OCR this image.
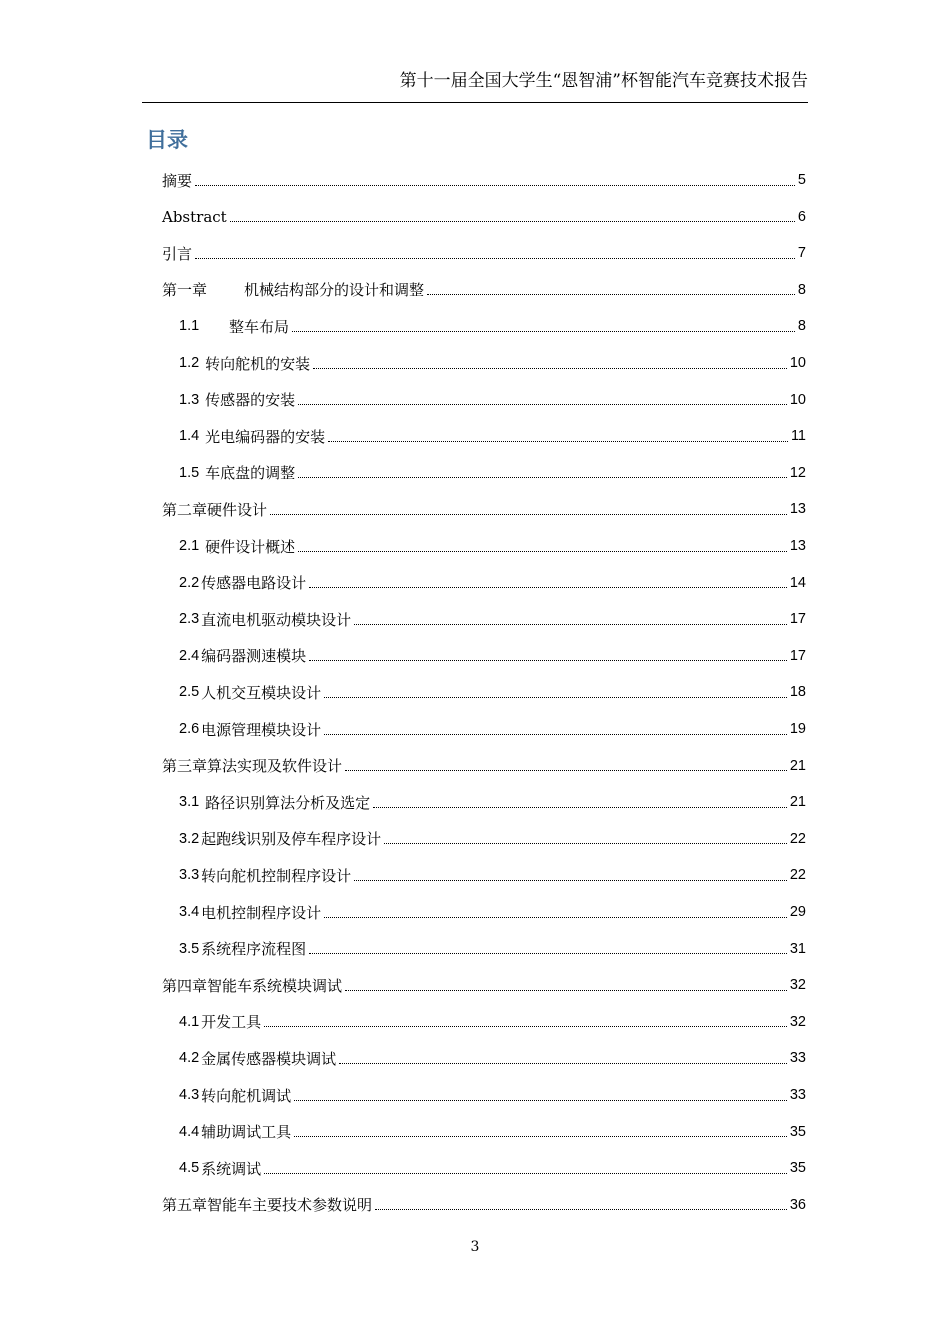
第十一届全国大学生“恩智浦”杯智能汽车竞赛技术报告
目录
摘要	5
Abstract	6
引言	7
第一章	机械结构部分的设计和调整	8
1.1	整车布局	8
1.2 转向舵机的安装	10
1.3 传感器的安装	10
1.4 光电编码器的安装	11
1.5 车底盘的调整	12
第二章硬件设计	13
2.1 硬件设计概述	13
2.2 传感器电路设计	14
2.3 直流电机驱动模块设计	17
2.4 编码器测速模块	17
2.5 人机交互模块设计	18
2.6 电源管理模块设计	19
第三章算法实现及软件设计	21
3.1 路径识别算法分析及选定	21
3.2 起跑线识别及停车程序设计	22
3.3 转向舵机控制程序设计	22
3.4 电机控制程序设计	29
3.5 系统程序流程图	31
第四章智能车系统模块调试	32
4.1 开发工具	32
4.2 金属传感器模块调试	33
4.3 转向舵机调试	33
4.4 辅助调试工具	35
4.5 系统调试	35
第五章智能车主要技术参数说明	36
3
